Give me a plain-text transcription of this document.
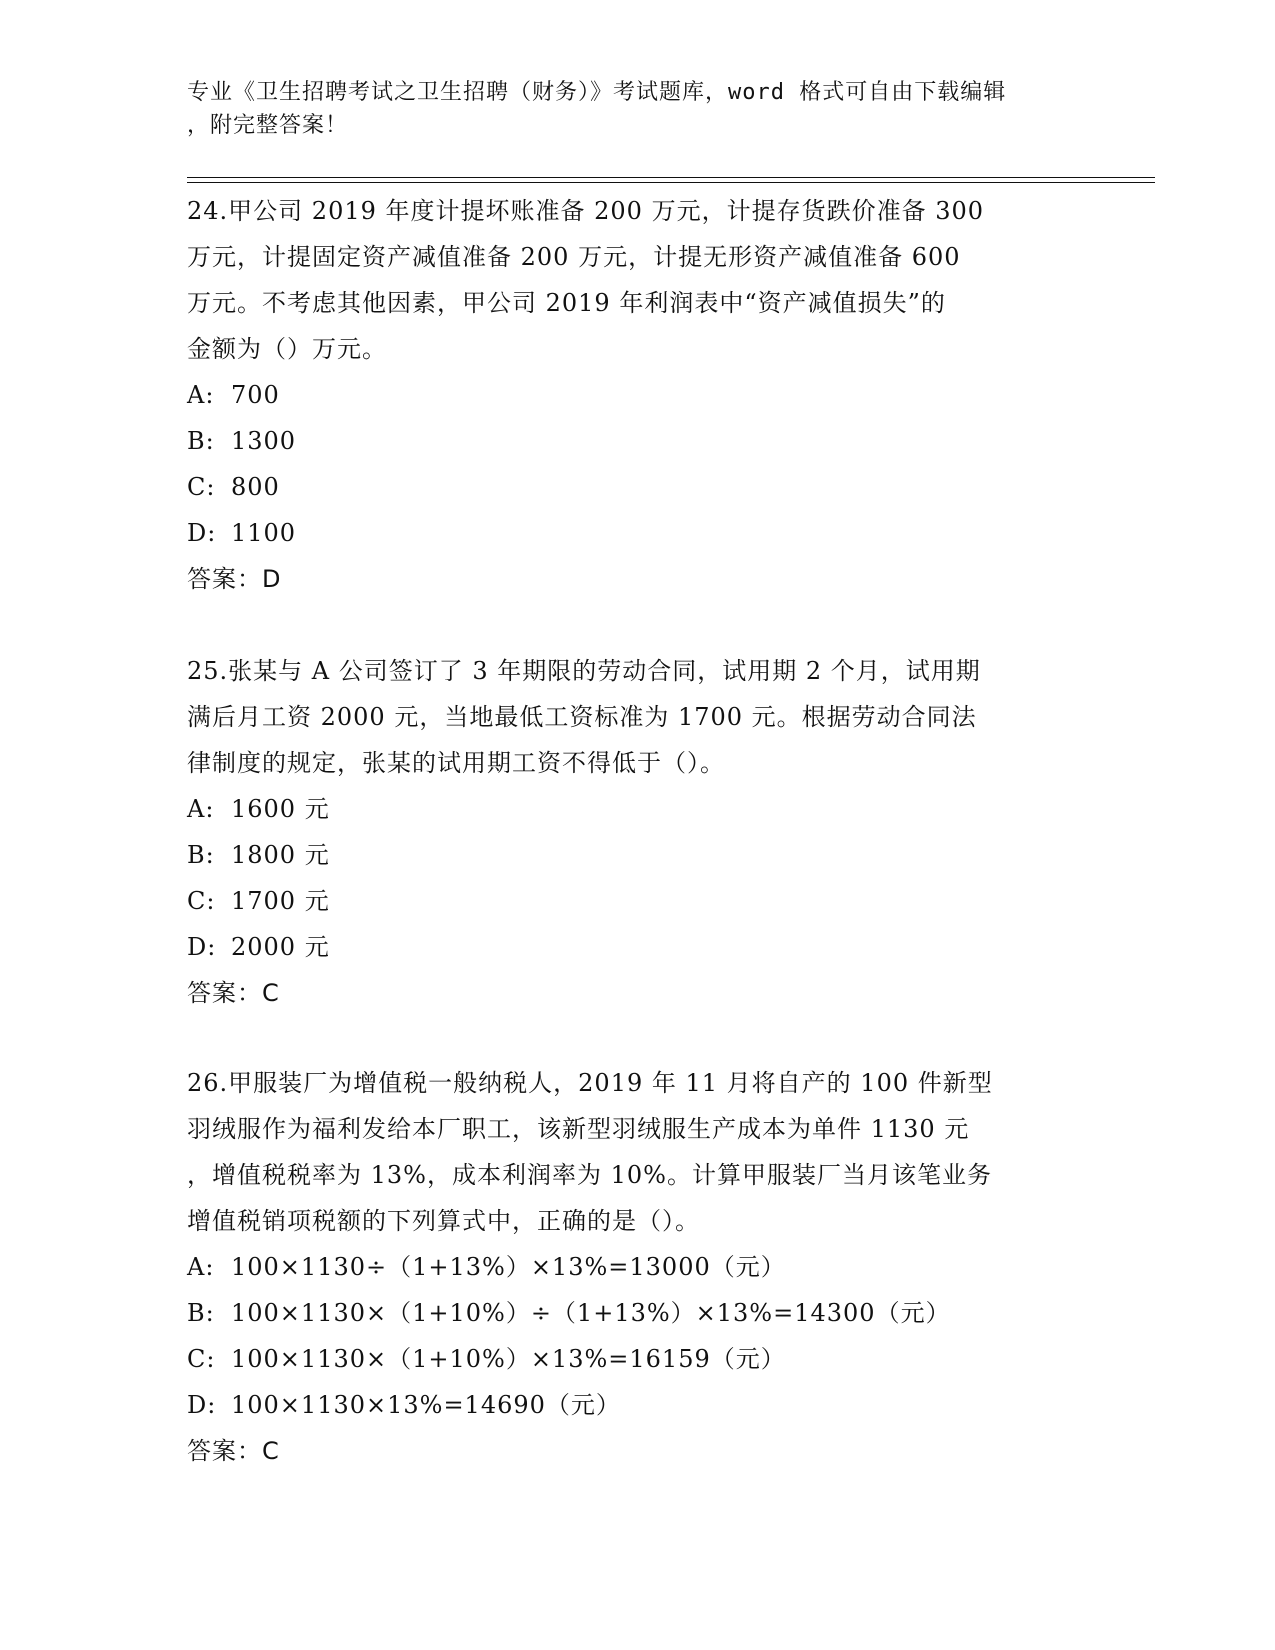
专业《卫生招聘考试之卫生招聘（财务）》考试题库，word 格式可自由下载编辑
，附完整答案！
24.甲公司 2019 年度计提坏账准备 200 万元，计提存货跌价准备 300
万元，计提固定资产减值准备 200 万元，计提无形资产减值准备 600
万元。不考虑其他因素，甲公司 2019 年利润表中“资产减值损失”的
金额为（）万元。
A: 700
B: 1300
C: 800
D: 1100
答案：D
25.张某与 A 公司签订了 3 年期限的劳动合同，试用期 2 个月，试用期
满后月工资 2000 元，当地最低工资标准为 1700 元。根据劳动合同法
律制度的规定，张某的试用期工资不得低于（）。
A: 1600 元
B: 1800 元
C: 1700 元
D: 2000 元
答案：C
26.甲服装厂为增值税一般纳税人，2019 年 11 月将自产的 100 件新型
羽绒服作为福利发给本厂职工，该新型羽绒服生产成本为单件 1130 元
，增值税税率为 13%，成本利润率为 10%。计算甲服装厂当月该笔业务
增值税销项税额的下列算式中，正确的是（）。
A: 100×1130÷（1+13%）×13%=13000（元）
B: 100×1130×（1+10%）÷（1+13%）×13%=14300（元）
C: 100×1130×（1+10%）×13%=16159（元）
D: 100×1130×13%=14690（元）
答案：C
